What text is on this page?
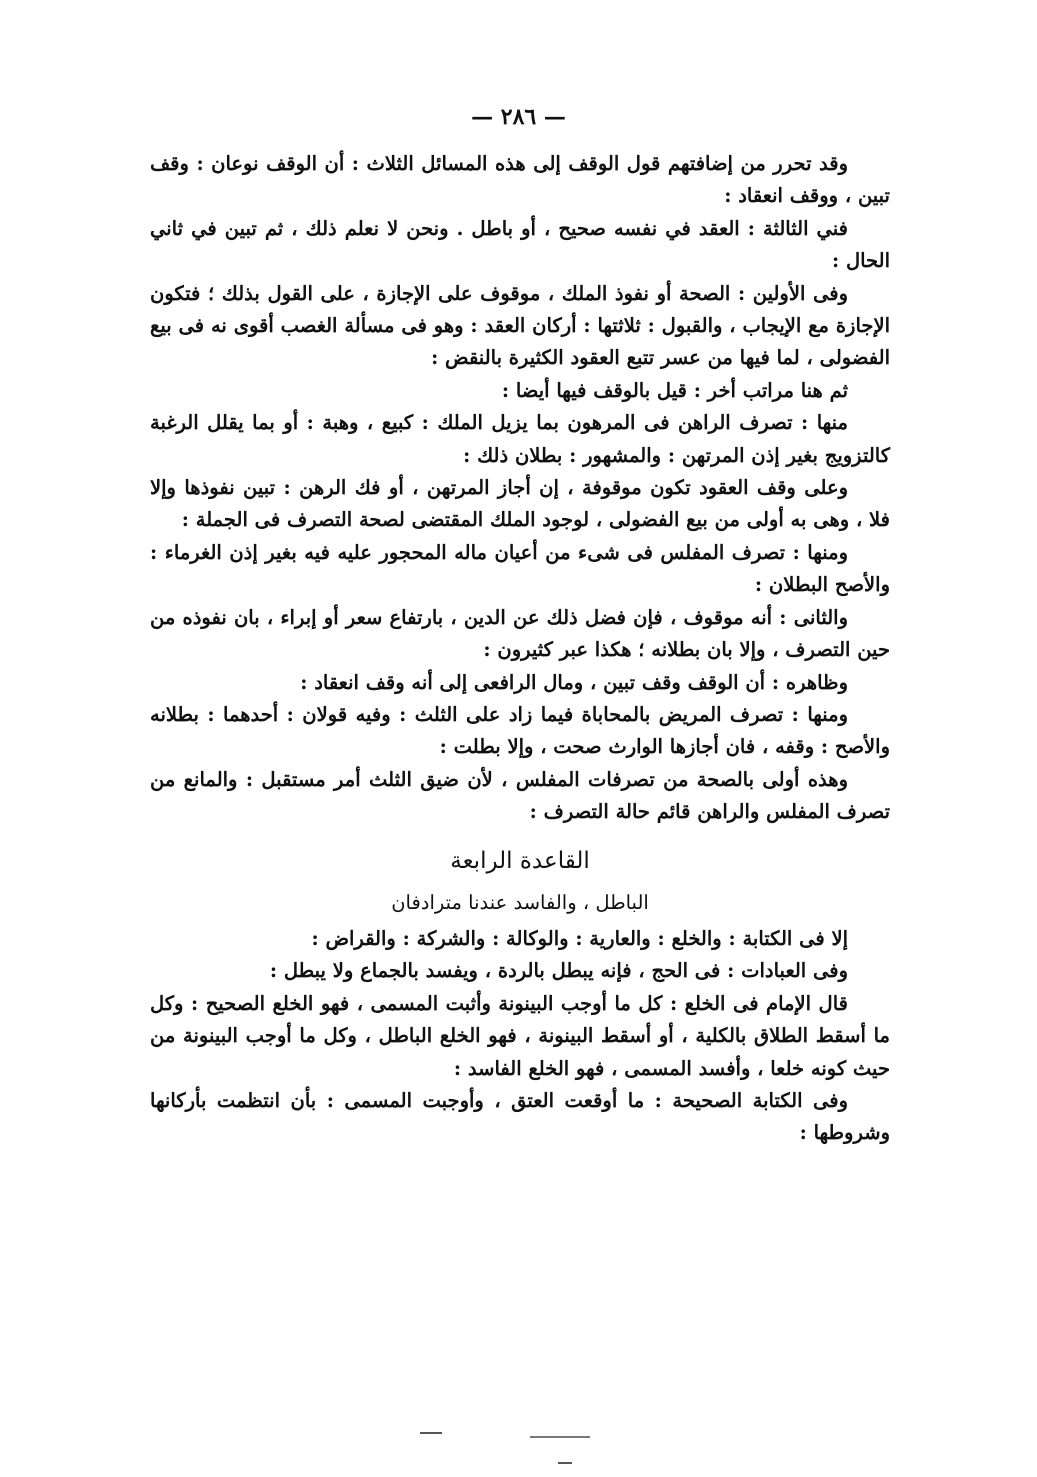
— ٢٨٦ —

وقد تحرر من إضافتهم قول الوقف إلى هذه المسائل الثلاث : أن الوقف نوعان : وقف تبين ، ووقف انعقاد :

فني الثالثة : العقد في نفسه صحيح ، أو باطل . ونحن لا نعلم ذلك ، ثم تبين في ثاني الحال :

وفى الأولين : الصحة أو نفوذ الملك ، موقوف على الإجازة ، على القول بذلك ؛ فتكون الإجازة مع الإيجاب ، والقبول : ثلاثتها : أركان العقد : وهو فى مسألة الغصب أقوى نه فى بيع الفضولى ، لما فيها من عسر تتبع العقود الكثيرة بالنقض :

ثم هنا مراتب أخر : قيل بالوقف فيها أيضا :

منها : تصرف الراهن فى المرهون بما يزيل الملك : كبيع ، وهبة : أو بما يقلل الرغبة كالتزويج بغير إذن المرتهن : والمشهور : بطلان ذلك :

وعلى وقف العقود تكون موقوفة ، إن أجاز المرتهن ، أو فك الرهن : تبين نفوذها وإلا فلا ، وهى به أولى من بيع الفضولى ، لوجود الملك المقتضى لصحة التصرف فى الجملة :

ومنها : تصرف المفلس فى شىء من أعيان ماله المحجور عليه فيه بغير إذن الغرماء : والأصح البطلان :

والثانى : أنه موقوف ، فإن فضل ذلك عن الدين ، بارتفاع سعر أو إبراء ، بان نفوذه من حين التصرف ، وإلا بان بطلانه ؛ هكذا عبر كثيرون :

وظاهره : أن الوقف وقف تبين ، ومال الرافعى إلى أنه وقف انعقاد :

ومنها : تصرف المريض بالمحاباة فيما زاد على الثلث : وفيه قولان : أحدهما : بطلانه والأصح : وقفه ، فان أجازها الوارث صحت ، وإلا بطلت :

وهذه أولى بالصحة من تصرفات المفلس ، لأن ضيق الثلث أمر مستقبل : والمانع من تصرف المفلس والراهن قائم حالة التصرف :

القاعدة الرابعة
الباطل ، والفاسد عندنا مترادفان

إلا فى الكتابة : والخلع : والعارية : والوكالة : والشركة : والقراض :

وفى العبادات : فى الحج ، فإنه يبطل بالردة ، ويفسد بالجماع ولا يبطل :

قال الإمام فى الخلع : كل ما أوجب البينونة وأثبت المسمى ، فهو الخلع الصحيح : وكل ما أسقط الطلاق بالكلية ، أو أسقط البينونة ، فهو الخلع الباطل ، وكل ما أوجب البينونة من حيث كونه خلعا ، وأفسد المسمى ، فهو الخلع الفاسد :

وفى الكتابة الصحيحة : ما أوقعت العتق ، وأوجبت المسمى : بأن انتظمت بأركانها وشروطها :
